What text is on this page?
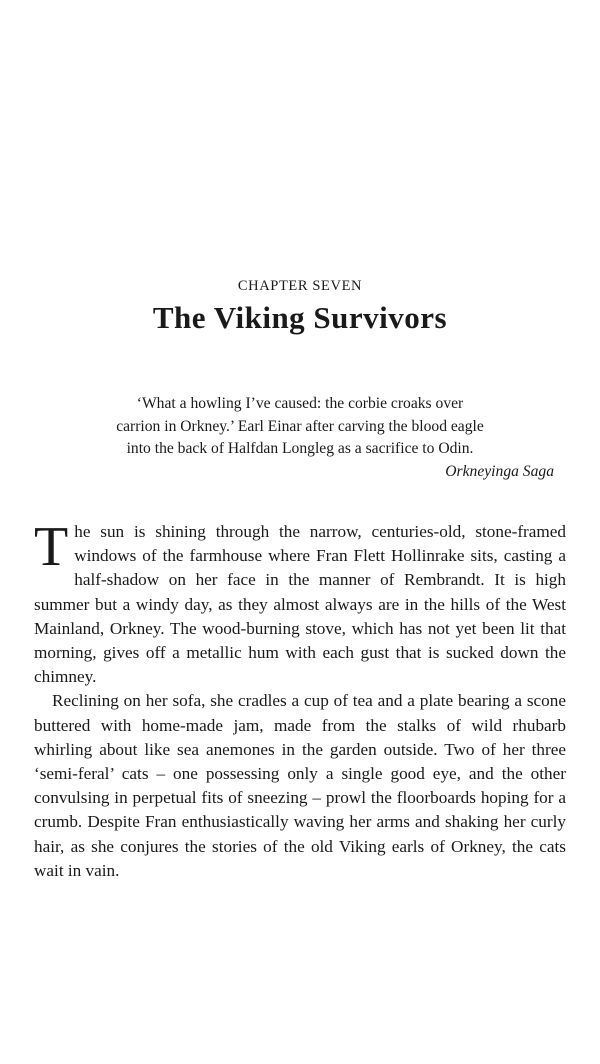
CHAPTER SEVEN
The Viking Survivors
‘What a howling I’ve caused: the corbie croaks over
carrion in Orkney.’ Earl Einar after carving the blood eagle
into the back of Halfdan Longleg as a sacrifice to Odin.
Orkneyinga Saga

The sun is shining through the narrow, centuries-old, stone-framed windows of the farmhouse where Fran Flett Hollinrake sits, casting a half-shadow on her face in the manner of Rembrandt. It is high summer but a windy day, as they almost always are in the hills of the West Mainland, Orkney. The wood-burning stove, which has not yet been lit that morning, gives off a metallic hum with each gust that is sucked down the chimney.

Reclining on her sofa, she cradles a cup of tea and a plate bearing a scone buttered with home-made jam, made from the stalks of wild rhubarb whirling about like sea anemones in the garden outside. Two of her three ‘semi-feral’ cats – one possessing only a single good eye, and the other convulsing in perpetual fits of sneezing – prowl the floorboards hoping for a crumb. Despite Fran enthusiastically waving her arms and shaking her curly hair, as she conjures the stories of the old Viking earls of Orkney, the cats wait in vain.
